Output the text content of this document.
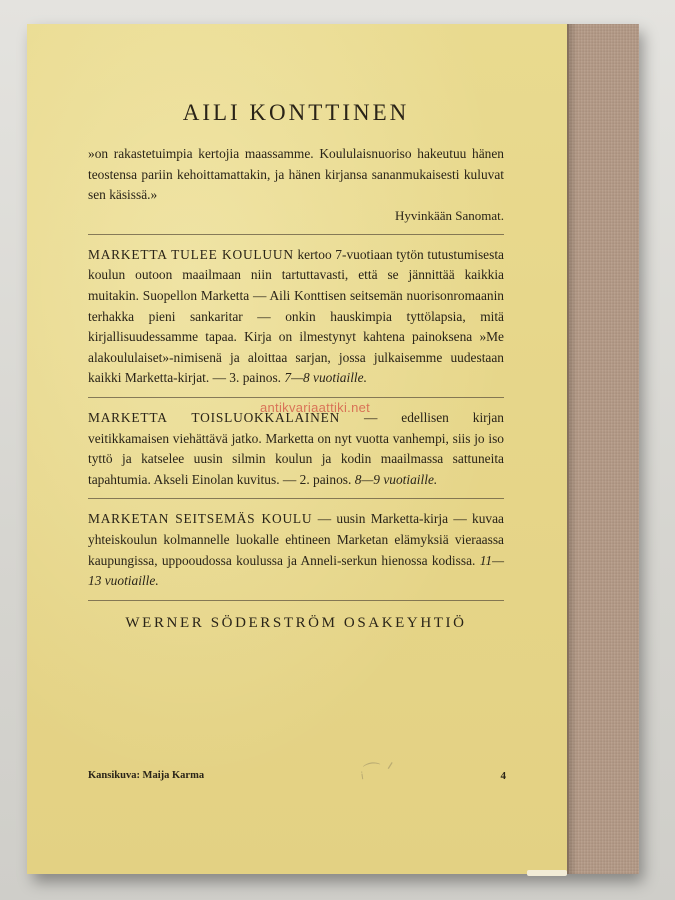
AILI KONTTINEN

»on rakastetuimpia kertojia maassamme. Koululaisnuoriso hakeutuu hänen teostensa pariin kehoittamattakin, ja hänen kirjansa sananmukaisesti kuluvat sen käsissä.»

Hyvinkään Sanomat.

MARKETTA TULEE KOULUUN kertoo 7-vuotiaan tytön tutustumisesta koulun outoon maailmaan niin tartuttavasti, että se jännittää kaikkia muitakin. Suopellon Marketta — Aili Konttisen seitsemän nuorisonromaanin terhakka pieni sankaritar — onkin hauskimpia tyttölapsia, mitä kirjallisuudessamme tapaa. Kirja on ilmestynyt kahtena painoksena »Me alakoululaiset»-nimisenä ja aloittaa sarjan, jossa julkaisemme uudestaan kaikki Marketta-kirjat. — 3. painos. 7—8 vuotiaille.

MARKETTA TOISLUOKKALAINEN — edellisen kirjan veitikkamaisen viehättävä jatko. Marketta on nyt vuotta vanhempi, siis jo iso tyttö ja katselee uusin silmin koulun ja kodin maailmassa sattuneita tapahtumia. Akseli Einolan kuvitus. — 2. painos. 8—9 vuotiaille.

MARKETAN SEITSEMÄS KOULU — uusin Marketta-kirja — kuvaa yhteiskoulun kolmannelle luokalle ehtineen Marketan elämyksiä vieraassa kaupungissa, uppooudossa koulussa ja Anneli-serkun hienossa kodissa. 11—13 vuotiaille.

WERNER SÖDERSTRÖM OSAKEYHTIÖ
antikvariaattiki.net
ᵢ⌒ ᐟ
Kansikuva: Maija Karma	4
